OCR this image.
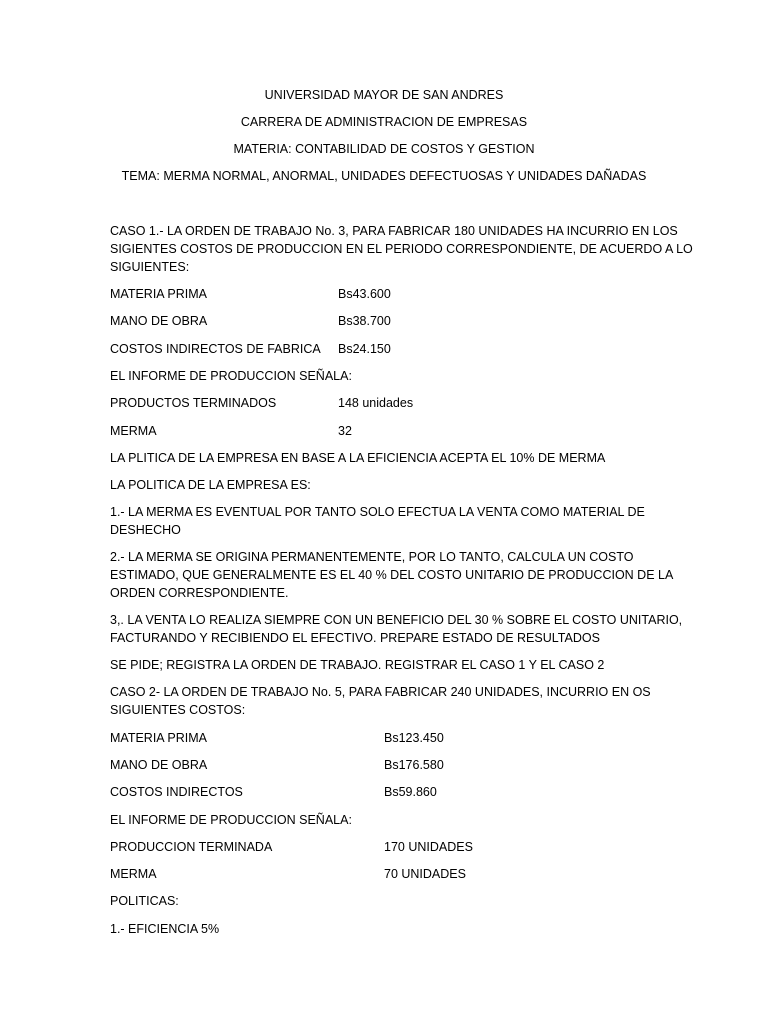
UNIVERSIDAD MAYOR DE SAN ANDRES
CARRERA DE ADMINISTRACION DE EMPRESAS
MATERIA: CONTABILIDAD DE COSTOS Y GESTION
TEMA: MERMA NORMAL, ANORMAL, UNIDADES DEFECTUOSAS Y UNIDADES DAÑADAS
CASO 1.- LA ORDEN DE TRABAJO No. 3, PARA FABRICAR 180 UNIDADES HA INCURRIO EN LOS
SIGIENTES COSTOS DE PRODUCCION EN EL PERIODO CORRESPONDIENTE, DE ACUERDO A LO
SIGUIENTES:
MATERIA PRIMA	Bs43.600
MANO DE OBRA	Bs38.700
COSTOS INDIRECTOS DE FABRICA Bs24.150
EL INFORME DE PRODUCCION SEÑALA:
PRODUCTOS TERMINADOS	148 unidades
MERMA	32
LA PLITICA DE LA EMPRESA EN BASE A LA EFICIENCIA ACEPTA EL 10% DE MERMA
LA POLITICA DE LA EMPRESA ES:
1.- LA MERMA ES EVENTUAL POR TANTO SOLO EFECTUA LA VENTA COMO MATERIAL DE
DESHECHO
2.- LA MERMA SE ORIGINA PERMANENTEMENTE, POR LO TANTO, CALCULA UN COSTO
ESTIMADO, QUE GENERALMENTE ES EL 40 % DEL COSTO UNITARIO DE PRODUCCION DE LA
ORDEN CORRESPONDIENTE.
3,. LA VENTA LO REALIZA SIEMPRE CON UN BENEFICIO DEL 30 % SOBRE EL COSTO UNITARIO,
FACTURANDO Y RECIBIENDO EL EFECTIVO. PREPARE ESTADO DE RESULTADOS
SE PIDE; REGISTRA LA ORDEN DE TRABAJO. REGISTRAR EL CASO 1 Y EL CASO 2
CASO 2- LA ORDEN DE TRABAJO No. 5, PARA FABRICAR 240 UNIDADES, INCURRIO EN OS
SIGUIENTES COSTOS:
MATERIA PRIMA	Bs123.450
MANO DE OBRA	Bs176.580
COSTOS INDIRECTOS	Bs59.860
EL INFORME DE PRODUCCION SEÑALA:
PRODUCCION TERMINADA	170 UNIDADES
MERMA	70 UNIDADES
POLITICAS:
1.- EFICIENCIA 5%
